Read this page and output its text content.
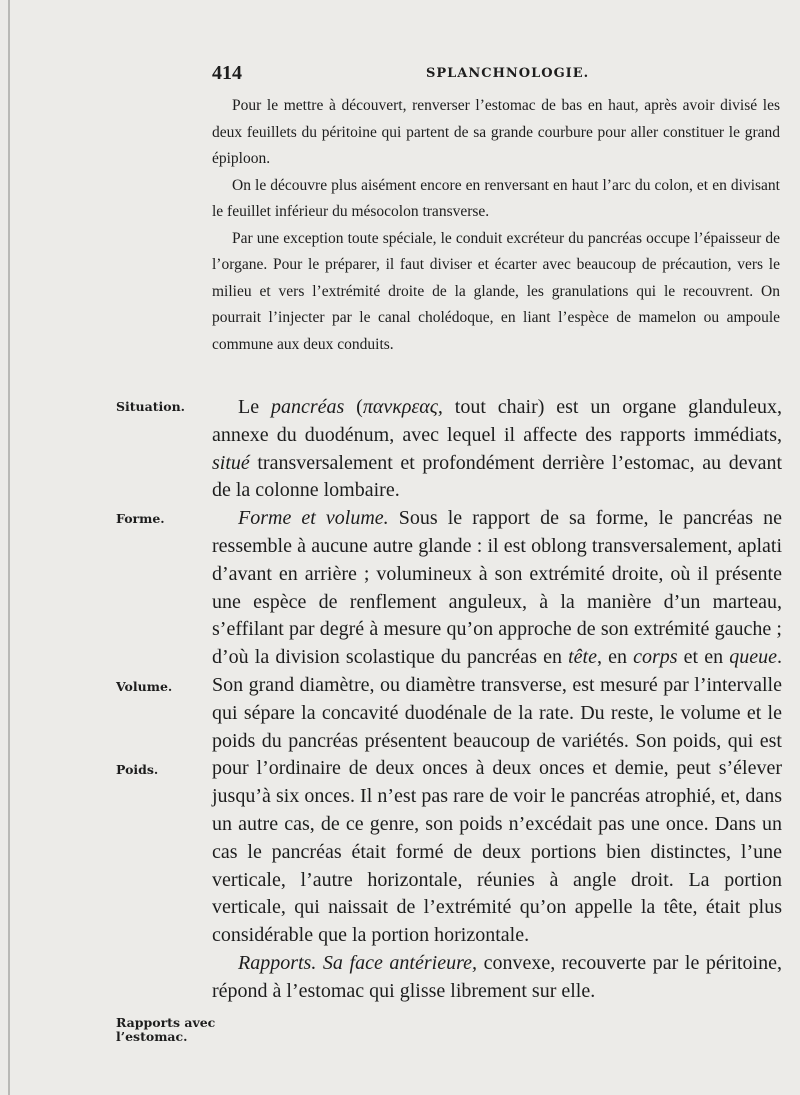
414	SPLANCHNOLOGIE.

Pour le mettre à découvert, renverser l’estomac de bas en haut, après avoir divisé les deux feuillets du péritoine qui partent de sa grande courbure pour aller constituer le grand épiploon.

On le découvre plus aisément encore en renversant en haut l’arc du colon, et en divisant le feuillet inférieur du mésocolon transverse.

Par une exception toute spéciale, le conduit excréteur du pancréas occupe l’épaisseur de l’organe. Pour le préparer, il faut diviser et écarter avec beaucoup de précaution, vers le milieu et vers l’extrémité droite de la glande, les granulations qui le recouvrent. On pourrait l’injecter par le canal cholédoque, en liant l’espèce de mamelon ou ampoule commune aux deux conduits.

Situation.
Forme.
Volume.
Poids.
Rapports avec
l’estomac.

Le pancréas (πανκρεας, tout chair) est un organe glanduleux, annexe du duodénum, avec lequel il affecte des rapports immédiats, situé transversalement et profondément derrière l’estomac, au devant de la colonne lombaire.

Forme et volume. Sous le rapport de sa forme, le pancréas ne ressemble à aucune autre glande : il est oblong transversalement, aplati d’avant en arrière ; volumineux à son extrémité droite, où il présente une espèce de renflement anguleux, à la manière d’un marteau, s’effilant par degré à mesure qu’on approche de son extrémité gauche ; d’où la division scolastique du pancréas en tête, en corps et en queue. Son grand diamètre, ou diamètre transverse, est mesuré par l’intervalle qui sépare la concavité duodénale de la rate. Du reste, le volume et le poids du pancréas présentent beaucoup de variétés. Son poids, qui est pour l’ordinaire de deux onces à deux onces et demie, peut s’élever jusqu’à six onces. Il n’est pas rare de voir le pancréas atrophié, et, dans un autre cas, de ce genre, son poids n’excédait pas une once. Dans un cas le pancréas était formé de deux portions bien distinctes, l’une verticale, l’autre horizontale, réunies à angle droit. La portion verticale, qui naissait de l’extrémité qu’on appelle la tête, était plus considérable que la portion horizontale.

Rapports. Sa face antérieure, convexe, recouverte par le péritoine, répond à l’estomac qui glisse librement sur elle.
